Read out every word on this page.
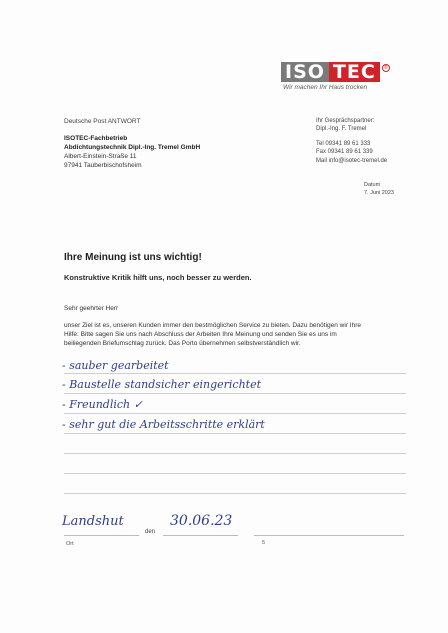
ISO TEC	®
Wir machen Ihr Haus trocken
Deutsche Post ANTWORT
ISOTEC-Fachbetrieb
Abdichtungstechnik Dipl.-Ing. Tremel GmbH
Albert-Einstein-Straße 11
97941 Tauberbischofsheim
Ihr Gesprächspartner:
Dipl.-Ing. F. Tremel
Tel 09341 89 61 333
Fax 09341 89 61 339
Mail info@isotec-tremel.de
Datum
7. Juni 2023
Ihre Meinung ist uns wichtig!
Konstruktive Kritik hilft uns, noch besser zu werden.
Sehr geehrter Herr
unser Ziel ist es, unseren Kunden immer den bestmöglichen Service zu bieten. Dazu benötigen wir Ihre
Hilfe: Bitte sagen Sie uns nach Abschluss der Arbeiten Ihre Meinung und senden Sie es uns im
beiliegenden Briefumschlag zurück. Das Porto übernehmen selbstverständlich wir.
- sauber gearbeitet
- Baustelle standsicher eingerichtet
- Freundlich ✓
- sehr gut die Arbeitsschritte erklärt
Landshut
den
30.06.23
Ort	5
